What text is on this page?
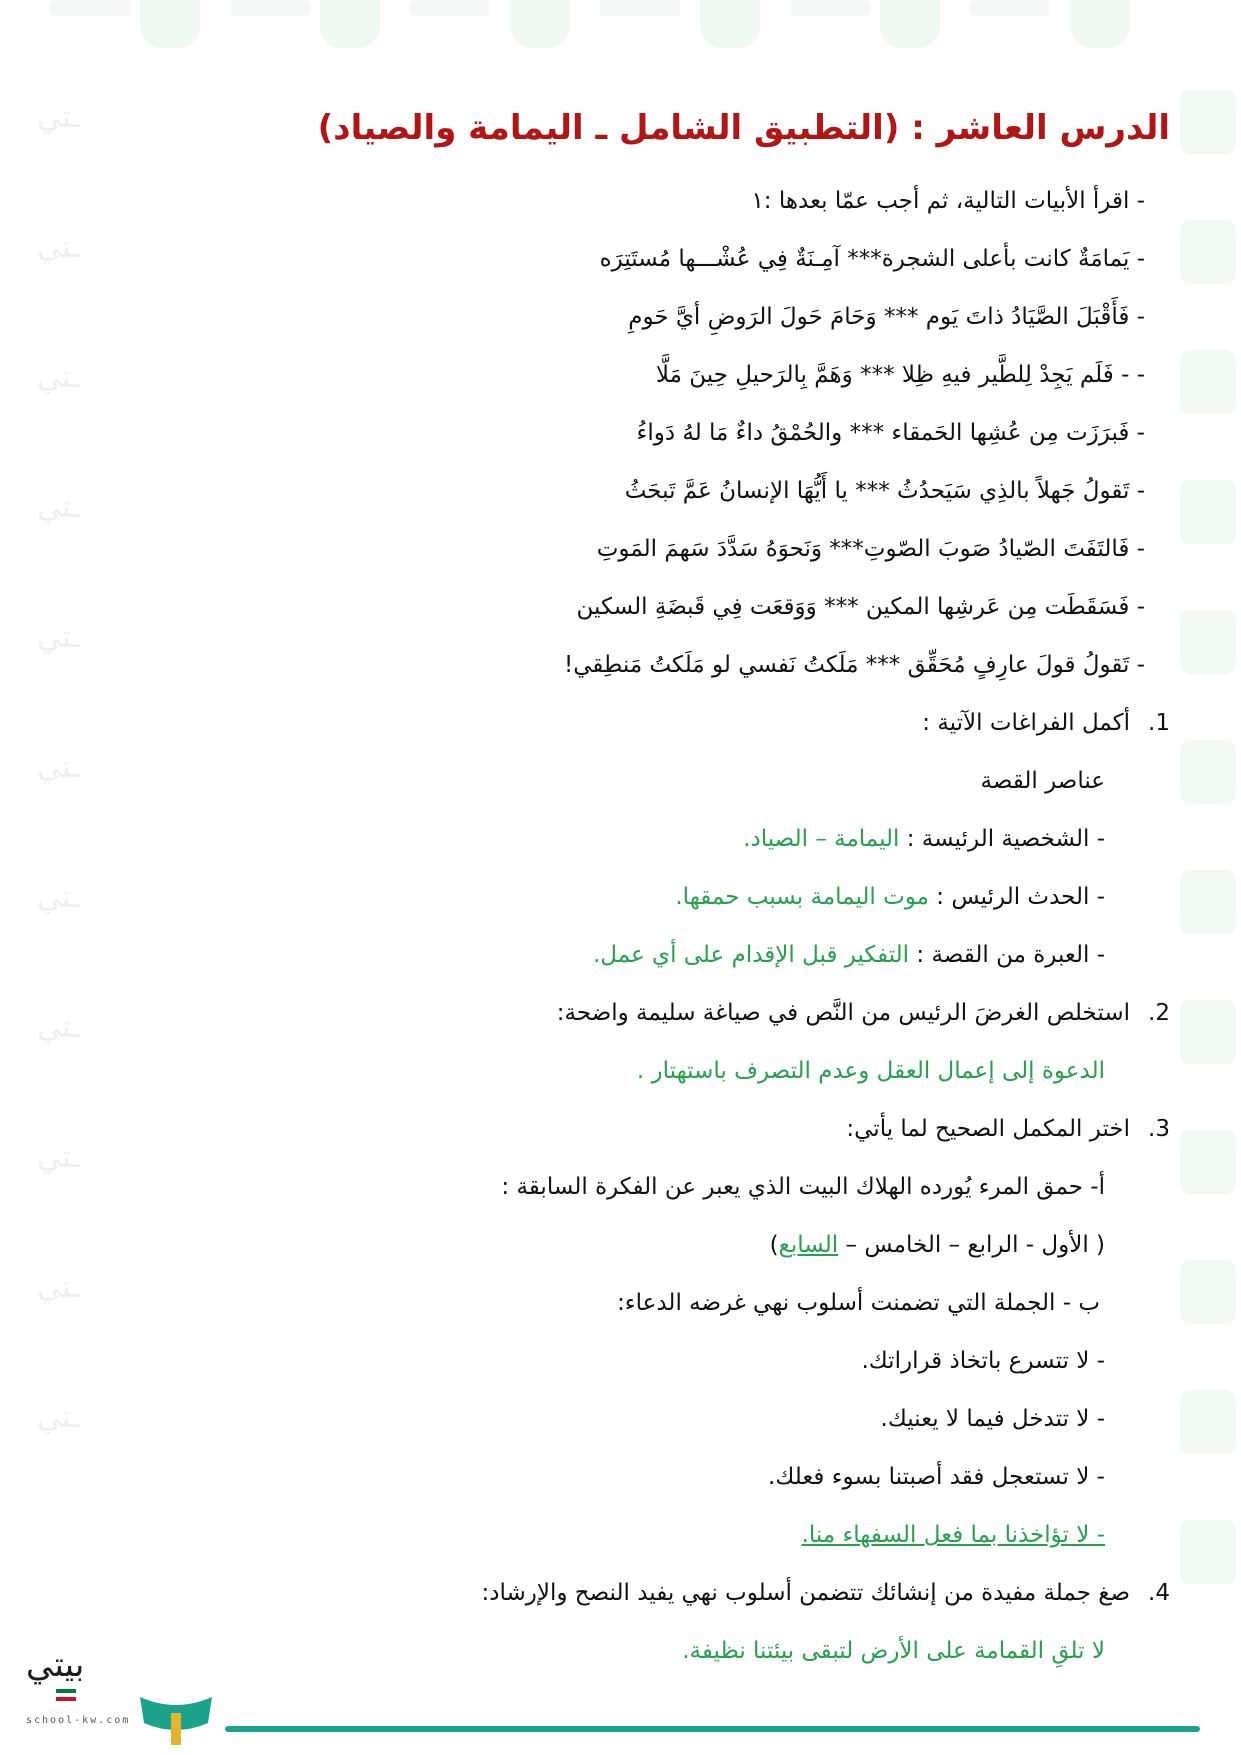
ـتي
ـتي
ـتي
ـتي
ـتي
ـتي
ـتي
ـتي
ـتي
ـتي
ـتي
الدرس العاشر : (التطبيق الشامل ـ اليمامة والصياد)
- اقرأ الأبيات التالية، ثم أجب عمّا بعدها :١
- يَمامَةٌ كانت بأعلى الشجرة*** آمِـنَةٌ فِي عُشْـــها مُستَتِرَه
- فَأَقْبَلَ الصَّيَادُ ذاتَ يَوم *** وَحَامَ حَولَ الرَوضِ أيَّ حَومِ
- - فَلَم يَجِدْ لِلطَّير فيهِ ظِلا *** وَهَمَّ بِالرَحيلِ حِينَ مَلَّا
- فَبرَزَت مِن عُشِها الحَمقاء *** والحُمْقُ داءٌ مَا لهُ دَواءُ
- تَقولُ جَهلاً بالذِي سَيَحدُثُ *** يا أَيُّهَا الإنسانُ عَمَّ تَبحَثُ
- فَالتَفَتَ الصّيادُ صَوبَ الصّوتِ*** وَنَحوَهُ سَدَّدَ سَهمَ المَوتِ
- فَسَقَطَت مِن عَرشِها المكين *** وَوَقعَت فِي قَبضَةِ السكين
- تَقولُ قولَ عارِفٍ مُحَقِّق *** مَلَكتُ نَفسي لو مَلَكتُ مَنطِقي!
1.أكمل الفراغات الآتية :
عناصر القصة
- الشخصية الرئيسة : اليمامة – الصياد.
- الحدث الرئيس : موت اليمامة بسبب حمقها.
- العبرة من القصة : التفكير قبل الإقدام على أي عمل.
2.استخلص الغرضَ الرئيس من النَّص في صياغة سليمة واضحة:
الدعوة إلى إعمال العقل وعدم التصرف باستهتار .
3.اختر المكمل الصحيح لما يأتي:
أ- حمق المرء يُورده الهلاك البيت الذي يعبر عن الفكرة السابقة :
( الأول - الرابع – الخامس – السابع)
ب - الجملة التي تضمنت أسلوب نهي غرضه الدعاء:
- لا تتسرع باتخاذ قراراتك.
- لا تتدخل فيما لا يعنيك.
- لا تستعجل فقد أصبتنا بسوء فعلك.
- لا تؤاخذنا بما فعل السفهاء منا.
4.صغ جملة مفيدة من إنشائك تتضمن أسلوب نهي يفيد النصح والإرشاد:
لا تلقِ القمامة على الأرض لتبقى بيئتنا نظيفة.
بيتي
school-kw.com
